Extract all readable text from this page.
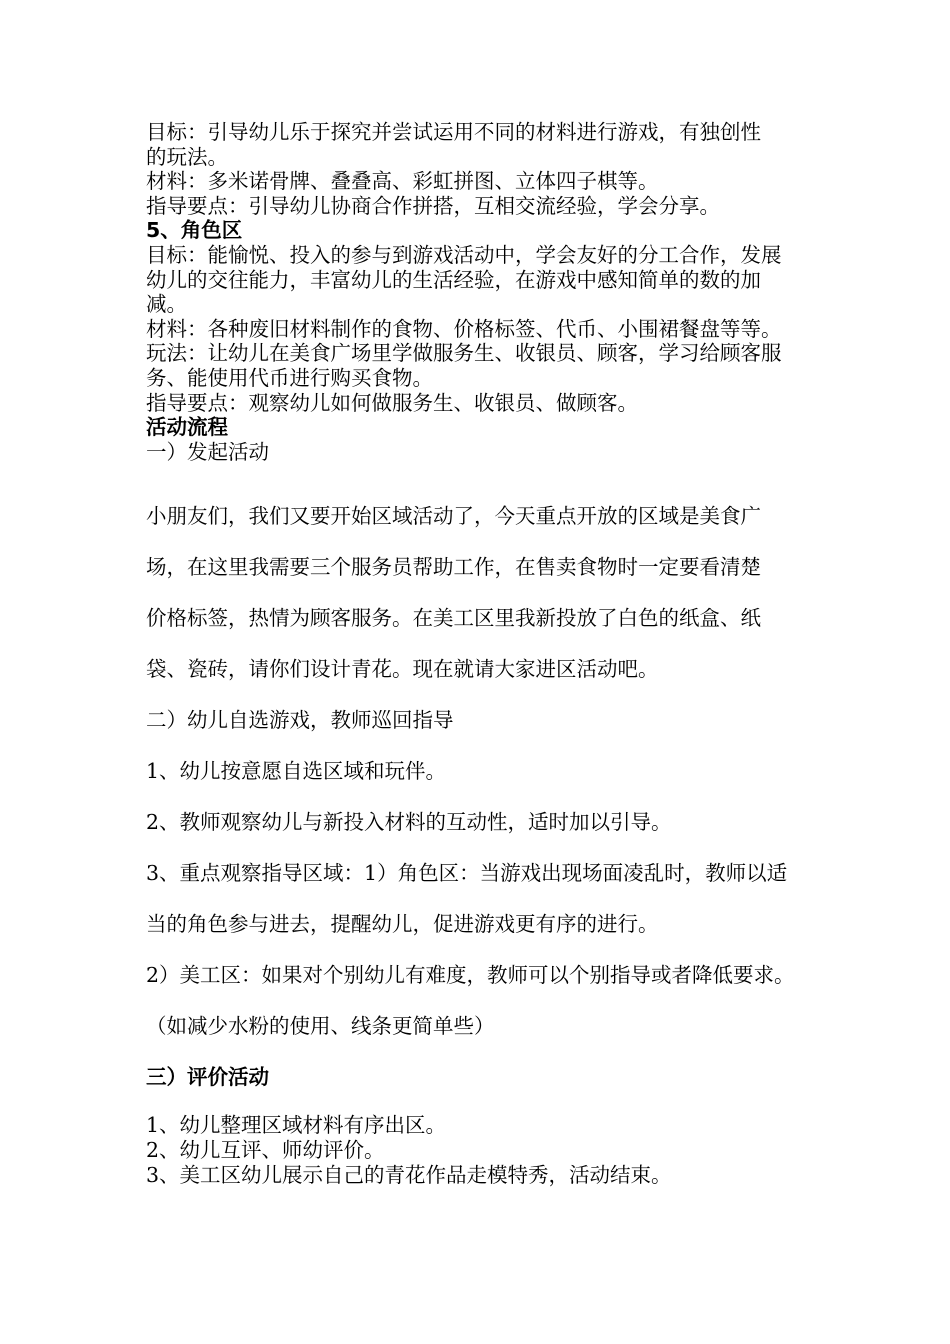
目标：引导幼儿乐于探究并尝试运用不同的材料进行游戏，有独创性

的玩法。

材料：多米诺骨牌、叠叠高、彩虹拼图、立体四子棋等。

指导要点：引导幼儿协商合作拼搭，互相交流经验，学会分享。

5、角色区

目标：能愉悦、投入的参与到游戏活动中，学会友好的分工合作，发展

幼儿的交往能力，丰富幼儿的生活经验，在游戏中感知简单的数的加

减。

材料：各种废旧材料制作的食物、价格标签、代币、小围裙餐盘等等。

玩法：让幼儿在美食广场里学做服务生、收银员、顾客，学习给顾客服

务、能使用代币进行购买食物。

指导要点：观察幼儿如何做服务生、收银员、做顾客。

活动流程

一）发起活动

小朋友们，我们又要开始区域活动了，今天重点开放的区域是美食广

场，在这里我需要三个服务员帮助工作，在售卖食物时一定要看清楚

价格标签，热情为顾客服务。在美工区里我新投放了白色的纸盒、纸

袋、瓷砖，请你们设计青花。现在就请大家进区活动吧。

二）幼儿自选游戏，教师巡回指导

1、幼儿按意愿自选区域和玩伴。

2、教师观察幼儿与新投入材料的互动性，适时加以引导。

3、重点观察指导区域：1）角色区：当游戏出现场面凌乱时，教师以适

当的角色参与进去，提醒幼儿，促进游戏更有序的进行。

2）美工区：如果对个别幼儿有难度，教师可以个别指导或者降低要求。

（如减少水粉的使用、线条更简单些）

三）评价活动

1、幼儿整理区域材料有序出区。

2、幼儿互评、师幼评价。

3、美工区幼儿展示自己的青花作品走模特秀，活动结束。
